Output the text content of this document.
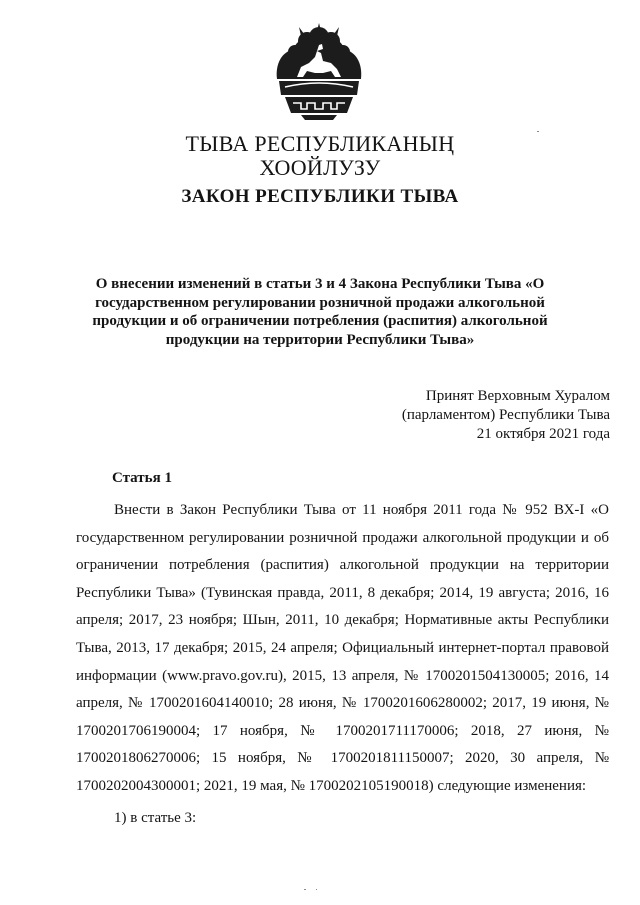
ТЫВА РЕСПУБЛИКАНЫҢ
ХООЙЛУЗУ
ЗАКОН РЕСПУБЛИКИ ТЫВА
О внесении изменений в статьи 3 и 4 Закона Республики Тыва «О государственном регулировании розничной продажи алкогольной продукции и об ограничении потребления (распития) алкогольной продукции на территории Республики Тыва»
Принят Верховным Хуралом
(парламентом) Республики Тыва
21 октября 2021 года
Статья 1

Внести в Закон Республики Тыва от 11 ноября 2011 года № 952 ВХ-I «О государственном регулировании розничной продажи алкогольной продукции и об ограничении потребления (распития) алкогольной продукции на территории Республики Тыва» (Тувинская правда, 2011, 8 декабря; 2014, 19 августа; 2016, 16 апреля; 2017, 23 ноября; Шын, 2011, 10 декабря; Нормативные акты Республики Тыва, 2013, 17 декабря; 2015, 24 апреля; Официальный интернет-портал правовой информации (www.pravo.gov.ru), 2015, 13 апреля, № 1700201504130005; 2016, 14 апреля, № 1700201604140010; 28 июня, № 1700201606280002; 2017, 19 июня, № 1700201706190004; 17 ноября, № 1700201711170006; 2018, 27 июня, № 1700201806270006; 15 ноября, № 1700201811150007; 2020, 30 апреля, № 1700202004300001; 2021, 19 мая, № 1700202105190018) следующие изменения:

1) в статье 3:
